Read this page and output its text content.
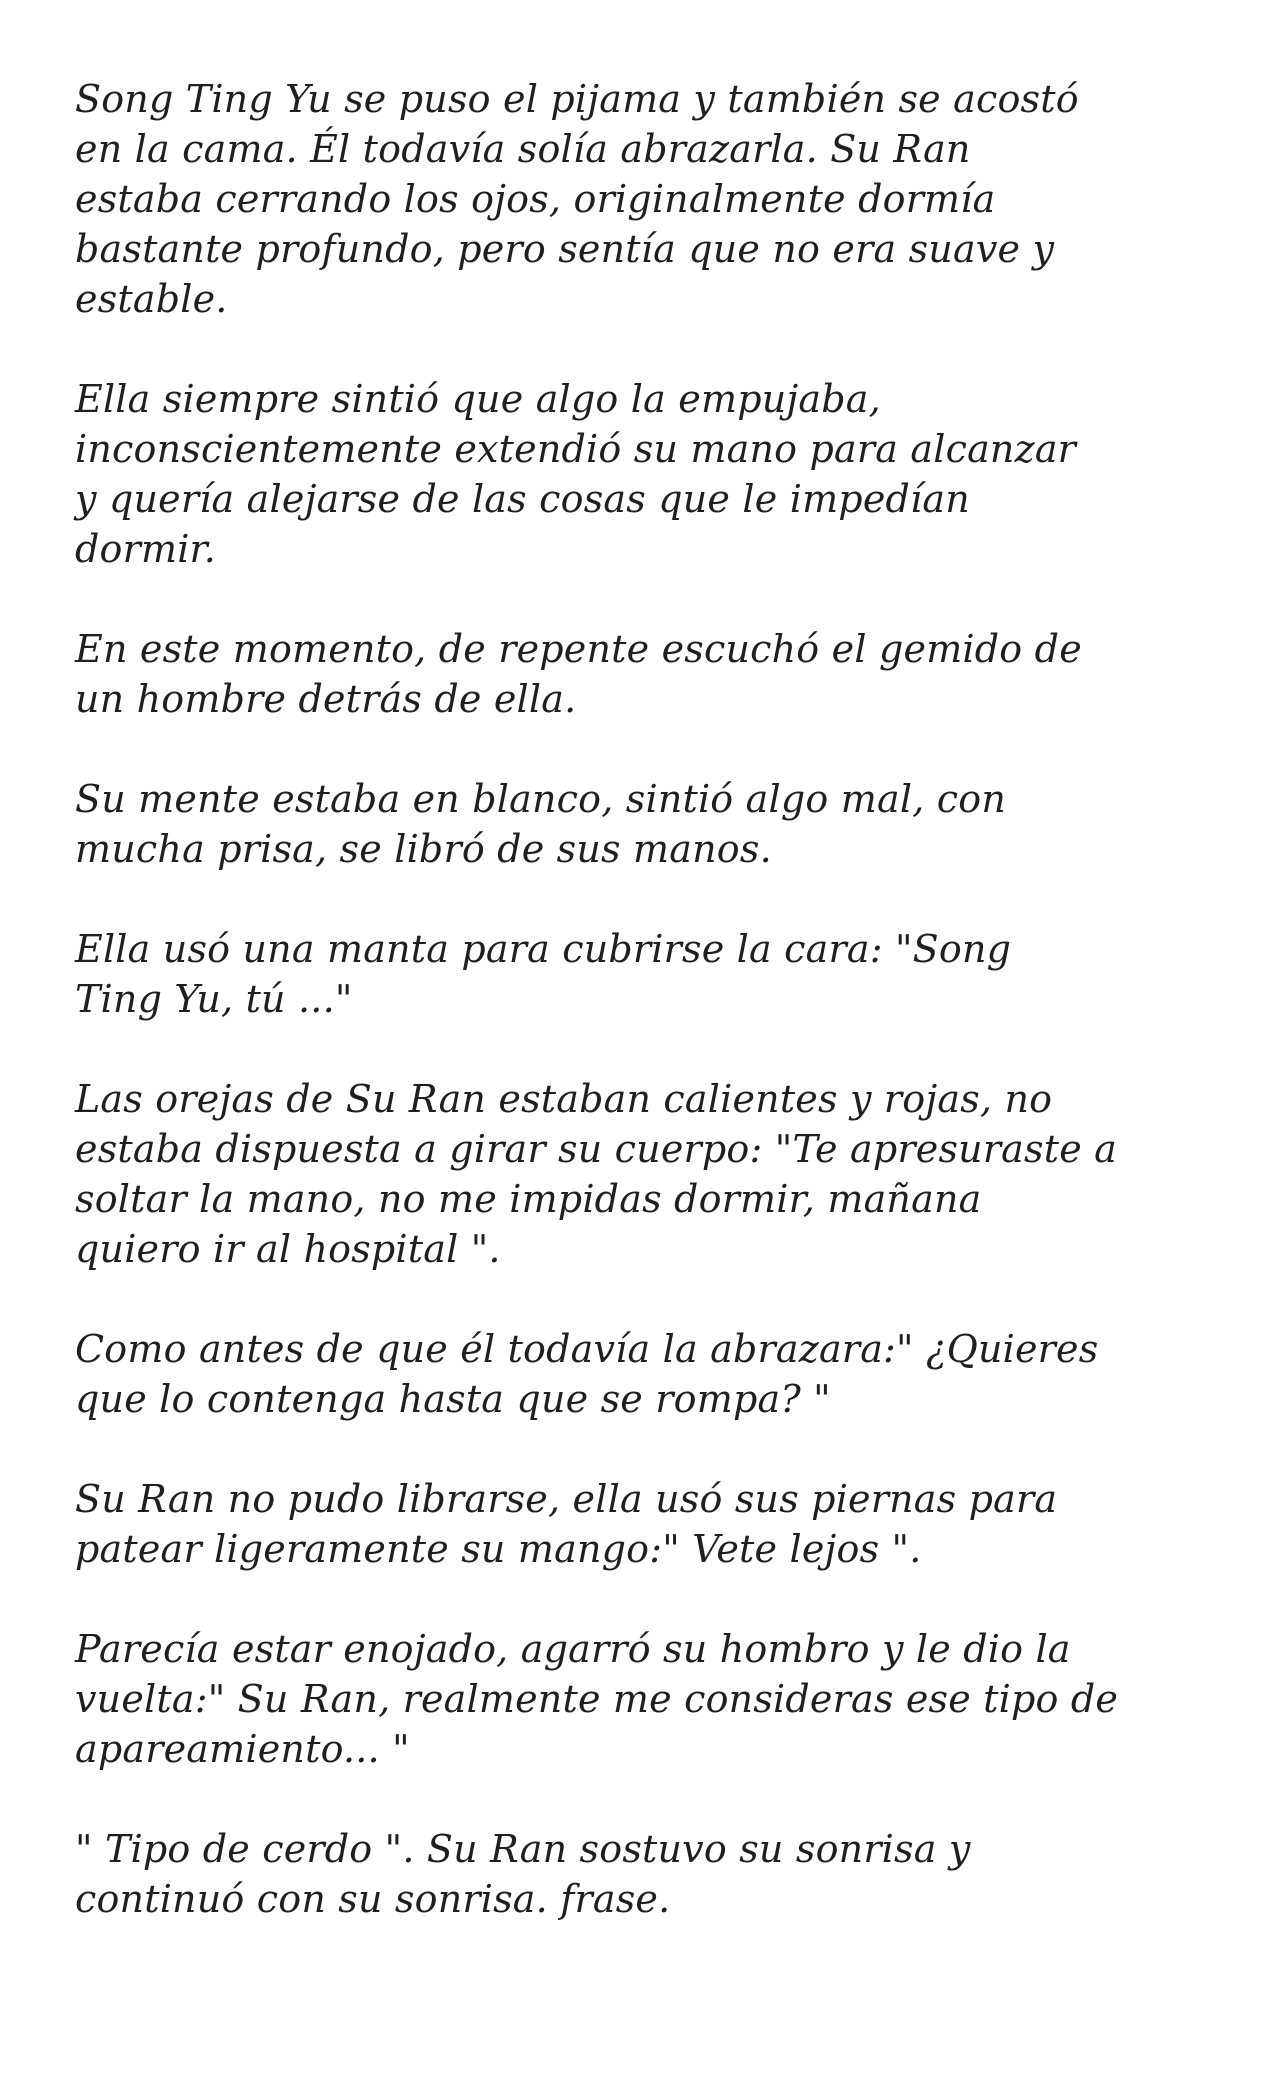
Song Ting Yu se puso el pijama y también se acostó
en la cama. Él todavía solía abrazarla. Su Ran
estaba cerrando los ojos, originalmente dormía
bastante profundo, pero sentía que no era suave y
estable.

Ella siempre sintió que algo la empujaba,
inconscientemente extendió su mano para alcanzar
y quería alejarse de las cosas que le impedían
dormir.

En este momento, de repente escuchó el gemido de
un hombre detrás de ella.

Su mente estaba en blanco, sintió algo mal, con
mucha prisa, se libró de sus manos.

Ella usó una manta para cubrirse la cara: "Song
Ting Yu, tú ..."

Las orejas de Su Ran estaban calientes y rojas, no
estaba dispuesta a girar su cuerpo: "Te apresuraste a
soltar la mano, no me impidas dormir, mañana
quiero ir al hospital ".

Como antes de que él todavía la abrazara:" ¿Quieres
que lo contenga hasta que se rompa? "

Su Ran no pudo librarse, ella usó sus piernas para
patear ligeramente su mango:" Vete lejos ".

Parecía estar enojado, agarró su hombro y le dio la
vuelta:" Su Ran, realmente me consideras ese tipo de
apareamiento... "

" Tipo de cerdo ". Su Ran sostuvo su sonrisa y
continuó con su sonrisa. frase.
